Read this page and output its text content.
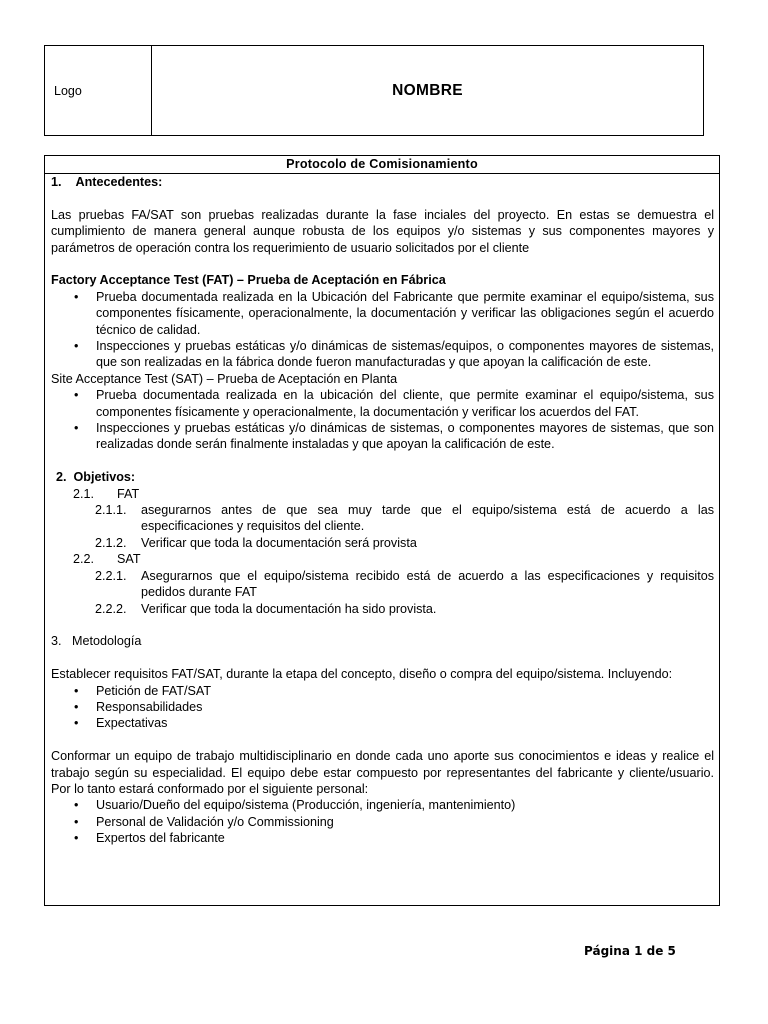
Logo	NOMBRE
Protocolo de Comisionamiento
1. Antecedentes:

Las pruebas FA/SAT son pruebas realizadas durante la fase inciales del proyecto. En estas se demuestra el cumplimiento de manera general aunque robusta de los equipos y/o sistemas y sus componentes mayores y parámetros de operación contra los requerimiento de usuario solicitados por el cliente

Factory Acceptance Test (FAT) – Prueba de Aceptación en Fábrica
•	Prueba documentada realizada en la Ubicación del Fabricante que permite examinar el equipo/sistema, sus componentes físicamente, operacionalmente, la documentación y verificar las obligaciones según el acuerdo técnico de calidad.
•	Inspecciones y pruebas estáticas y/o dinámicas de sistemas/equipos, o componentes mayores de sistemas, que son realizadas en la fábrica donde fueron manufacturadas y que apoyan la calificación de este.
Site Acceptance Test (SAT) – Prueba de Aceptación en Planta
•	Prueba documentada realizada en la ubicación del cliente, que permite examinar el equipo/sistema, sus componentes físicamente y operacionalmente, la documentación y verificar los acuerdos del FAT.
•	Inspecciones y pruebas estáticas y/o dinámicas de sistemas, o componentes mayores de sistemas, que son realizadas donde serán finalmente instaladas y que apoyan la calificación de este.
2. Objetivos:
2.1.	FAT
2.1.1.	asegurarnos antes de que sea muy tarde que el equipo/sistema está de acuerdo a las especificaciones y requisitos del cliente.
2.1.2.	Verificar que toda la documentación será provista
2.2.	SAT
2.2.1.	Asegurarnos que el equipo/sistema recibido está de acuerdo a las especificaciones y requisitos pedidos durante FAT
2.2.2.	Verificar que toda la documentación ha sido provista.
3. Metodología

Establecer requisitos FAT/SAT, durante la etapa del concepto, diseño o compra del equipo/sistema. Incluyendo:

•	Petición de FAT/SAT
•	Responsabilidades
•	Expectativas

Conformar un equipo de trabajo multidisciplinario en donde cada uno aporte sus conocimientos e ideas y realice el trabajo según su especialidad. El equipo debe estar compuesto por representantes del fabricante y cliente/usuario. Por lo tanto estará conformado por el siguiente personal:

•	Usuario/Dueño del equipo/sistema (Producción, ingeniería, mantenimiento)
•	Personal de Validación y/o Commissioning
•	Expertos del fabricante
Página 1 de 5
